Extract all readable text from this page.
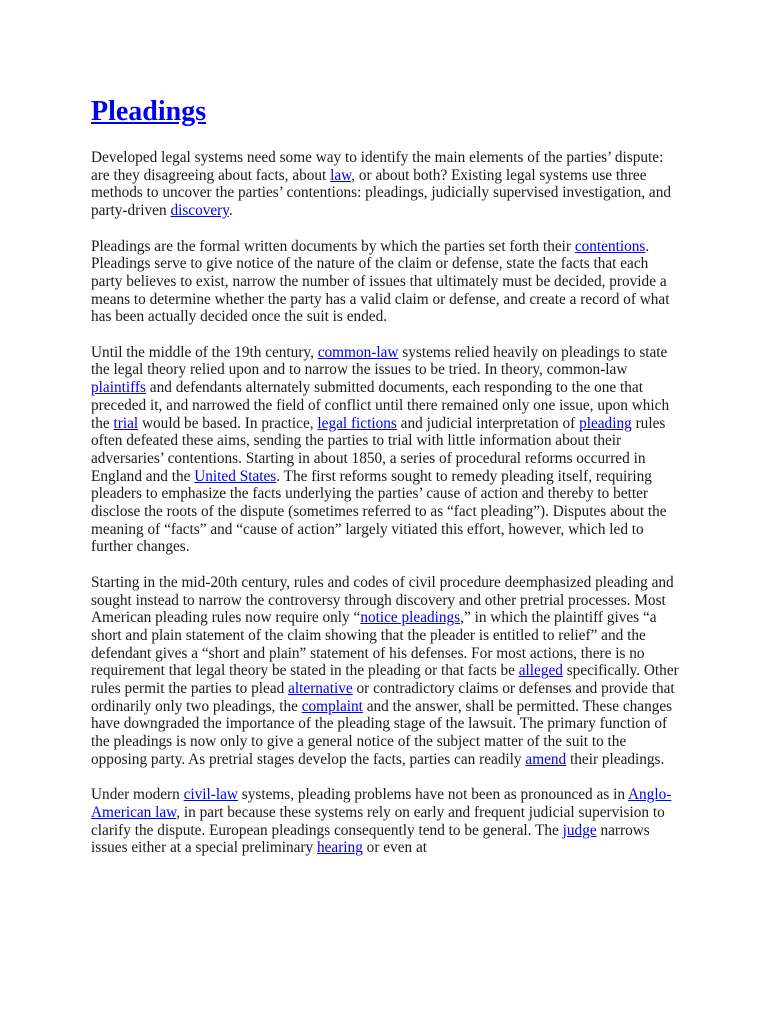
Pleadings

Developed legal systems need some way to identify the main elements of the parties’ dispute: are they disagreeing about facts, about law, or about both? Existing legal systems use three methods to uncover the parties’ contentions: pleadings, judicially supervised investigation, and party-driven discovery.

Pleadings are the formal written documents by which the parties set forth their contentions. Pleadings serve to give notice of the nature of the claim or defense, state the facts that each party believes to exist, narrow the number of issues that ultimately must be decided, provide a means to determine whether the party has a valid claim or defense, and create a record of what has been actually decided once the suit is ended.

Until the middle of the 19th century, common-law systems relied heavily on pleadings to state the legal theory relied upon and to narrow the issues to be tried. In theory, common-law plaintiffs and defendants alternately submitted documents, each responding to the one that preceded it, and narrowed the field of conflict until there remained only one issue, upon which the trial would be based. In practice, legal fictions and judicial interpretation of pleading rules often defeated these aims, sending the parties to trial with little information about their adversaries’ contentions. Starting in about 1850, a series of procedural reforms occurred in England and the United States. The first reforms sought to remedy pleading itself, requiring pleaders to emphasize the facts underlying the parties’ cause of action and thereby to better disclose the roots of the dispute (sometimes referred to as “fact pleading”). Disputes about the meaning of “facts” and “cause of action” largely vitiated this effort, however, which led to further changes.

Starting in the mid-20th century, rules and codes of civil procedure deemphasized pleading and sought instead to narrow the controversy through discovery and other pretrial processes. Most American pleading rules now require only “notice pleadings,” in which the plaintiff gives “a short and plain statement of the claim showing that the pleader is entitled to relief” and the defendant gives a “short and plain” statement of his defenses. For most actions, there is no requirement that legal theory be stated in the pleading or that facts be alleged specifically. Other rules permit the parties to plead alternative or contradictory claims or defenses and provide that ordinarily only two pleadings, the complaint and the answer, shall be permitted. These changes have downgraded the importance of the pleading stage of the lawsuit. The primary function of the pleadings is now only to give a general notice of the subject matter of the suit to the opposing party. As pretrial stages develop the facts, parties can readily amend their pleadings.

Under modern civil-law systems, pleading problems have not been as pronounced as in Anglo-American law, in part because these systems rely on early and frequent judicial supervision to clarify the dispute. European pleadings consequently tend to be general. The judge narrows issues either at a special preliminary hearing or even at
